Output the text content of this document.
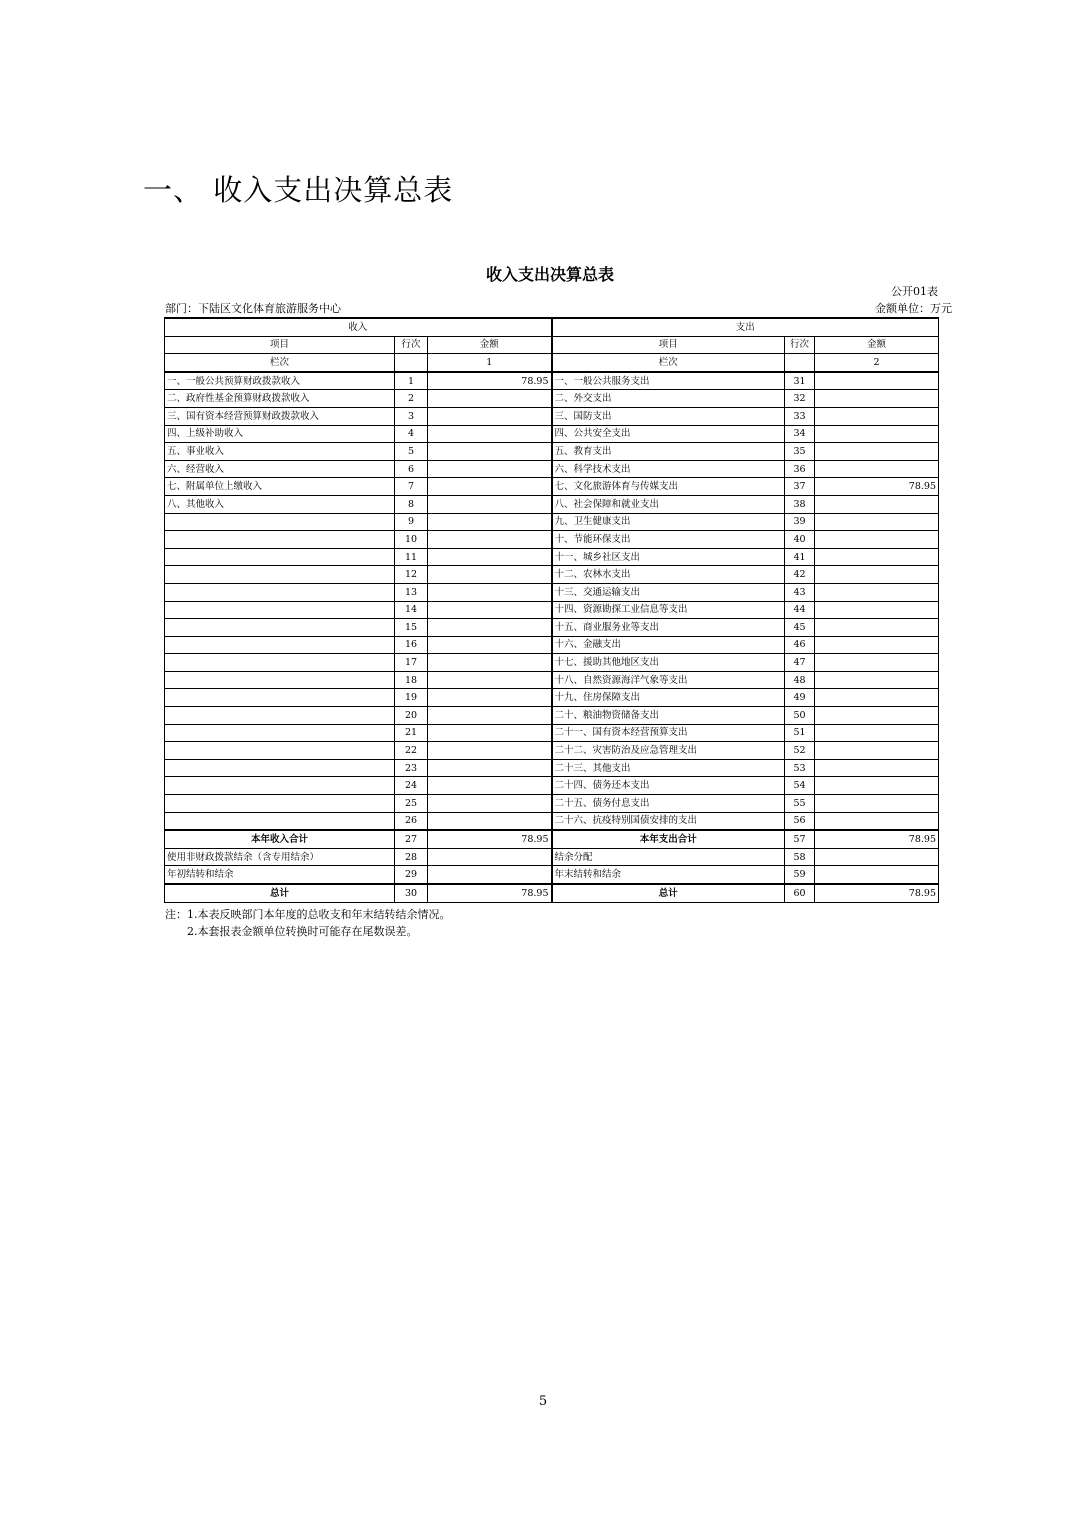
一、 收入支出决算总表
收入支出决算总表
公开01表
部门：下陆区文化体育旅游服务中心	金额单位：万元
收入			支出		
项目	行次	金额	项目	行次	金额
栏次		1	栏次		2
一、一般公共预算财政拨款收入	1	78.95	一、一般公共服务支出	31	
二、政府性基金预算财政拨款收入	2		二、外交支出	32	
三、国有资本经营预算财政拨款收入	3		三、国防支出	33	
四、上级补助收入	4		四、公共安全支出	34	
五、事业收入	5		五、教育支出	35	
六、经营收入	6		六、科学技术支出	36	
七、附属单位上缴收入	7		七、文化旅游体育与传媒支出	37	78.95
八、其他收入	8		八、社会保障和就业支出	38	
	9		九、卫生健康支出	39	
	10		十、节能环保支出	40	
	11		十一、城乡社区支出	41	
	12		十二、农林水支出	42	
	13		十三、交通运输支出	43	
	14		十四、资源勘探工业信息等支出	44	
	15		十五、商业服务业等支出	45	
	16		十六、金融支出	46	
	17		十七、援助其他地区支出	47	
	18		十八、自然资源海洋气象等支出	48	
	19		十九、住房保障支出	49	
	20		二十、粮油物资储备支出	50	
	21		二十一、国有资本经营预算支出	51	
	22		二十二、灾害防治及应急管理支出	52	
	23		二十三、其他支出	53	
	24		二十四、债务还本支出	54	
	25		二十五、债务付息支出	55	
	26		二十六、抗疫特别国债安排的支出	56	
本年收入合计	27	78.95	本年支出合计	57	78.95
使用非财政拨款结余（含专用结余）	28		结余分配	58	
年初结转和结余	29		年末结转和结余	59	
总计	30	78.95	总计	60	78.95
注：1.本表反映部门本年度的总收支和年末结转结余情况。
2.本套报表金额单位转换时可能存在尾数误差。
5
